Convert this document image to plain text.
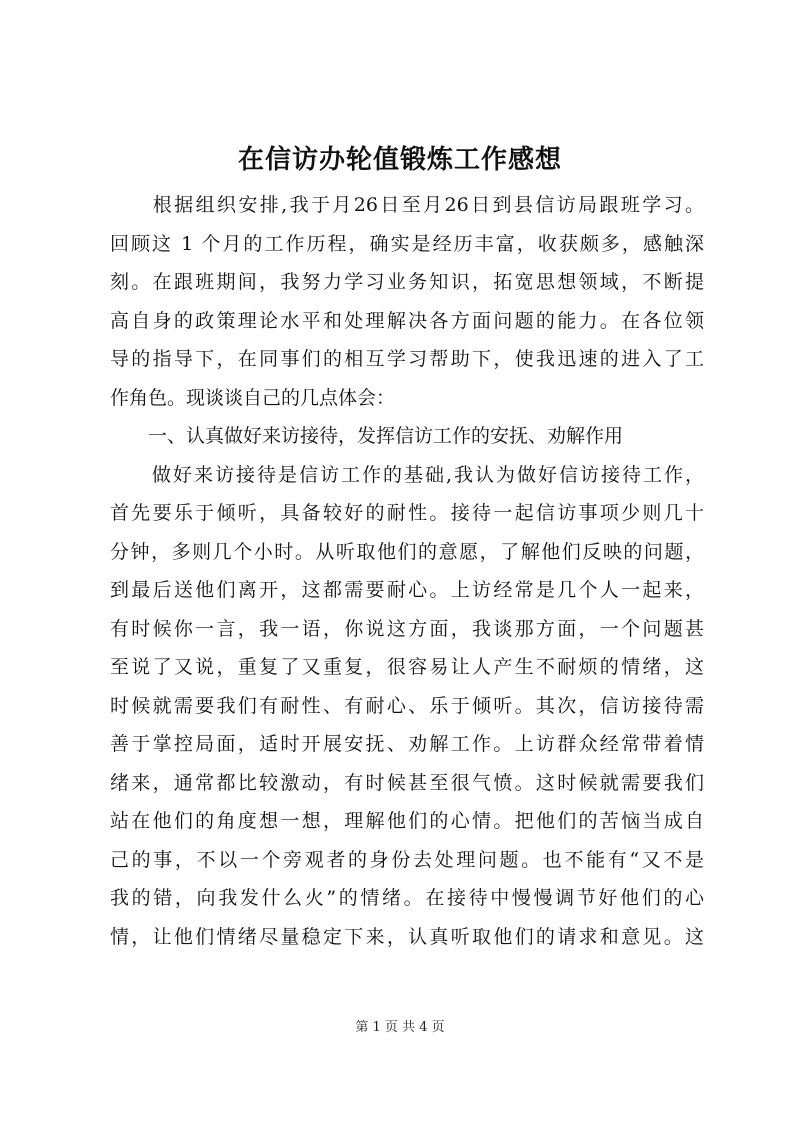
在信访办轮值锻炼工作感想
　　根据组织安排,我于月26日至月26日到县信访局跟班学习。
回顾这 1 个月的工作历程，确实是经历丰富，收获颇多，感触深
刻。在跟班期间，我努力学习业务知识，拓宽思想领域，不断提
高自身的政策理论水平和处理解决各方面问题的能力。在各位领
导的指导下，在同事们的相互学习帮助下，使我迅速的进入了工
作角色。现谈谈自己的几点体会：
　　一、认真做好来访接待，发挥信访工作的安抚、劝解作用
　　做好来访接待是信访工作的基础,我认为做好信访接待工作，
首先要乐于倾听，具备较好的耐性。接待一起信访事项少则几十
分钟，多则几个小时。从听取他们的意愿，了解他们反映的问题，
到最后送他们离开，这都需要耐心。上访经常是几个人一起来，
有时候你一言，我一语，你说这方面，我谈那方面，一个问题甚
至说了又说，重复了又重复，很容易让人产生不耐烦的情绪，这
时候就需要我们有耐性、有耐心、乐于倾听。其次，信访接待需
善于掌控局面，适时开展安抚、劝解工作。上访群众经常带着情
绪来，通常都比较激动，有时候甚至很气愤。这时候就需要我们
站在他们的角度想一想，理解他们的心情。把他们的苦恼当成自
己的事，不以一个旁观者的身份去处理问题。也不能有“又不是
我的错，向我发什么火”的情绪。在接待中慢慢调节好他们的心
情，让他们情绪尽量稳定下来，认真听取他们的请求和意见。这
第 1 页 共 4 页
